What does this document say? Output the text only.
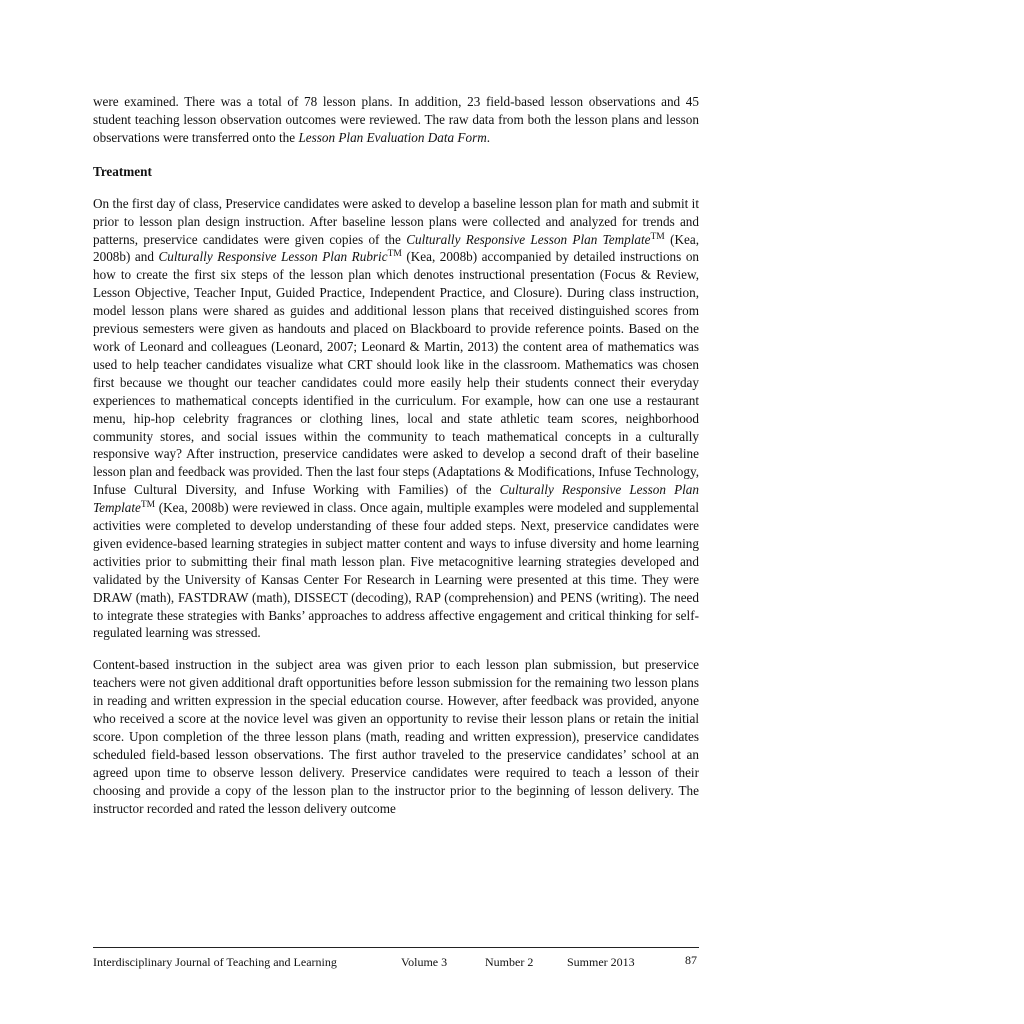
were examined. There was a total of 78 lesson plans. In addition, 23 field-based lesson observations and 45 student teaching lesson observation outcomes were reviewed. The raw data from both the lesson plans and lesson observations were transferred onto the Lesson Plan Evaluation Data Form.

Treatment

On the first day of class, Preservice candidates were asked to develop a baseline lesson plan for math and submit it prior to lesson plan design instruction. After baseline lesson plans were collected and analyzed for trends and patterns, preservice candidates were given copies of the Culturally Responsive Lesson Plan Template™ (Kea, 2008b) and Culturally Responsive Lesson Plan Rubric™ (Kea, 2008b) accompanied by detailed instructions on how to create the first six steps of the lesson plan which denotes instructional presentation (Focus & Review, Lesson Objective, Teacher Input, Guided Practice, Independent Practice, and Closure). During class instruction, model lesson plans were shared as guides and additional lesson plans that received distinguished scores from previous semesters were given as handouts and placed on Blackboard to provide reference points. Based on the work of Leonard and colleagues (Leonard, 2007; Leonard & Martin, 2013) the content area of mathematics was used to help teacher candidates visualize what CRT should look like in the classroom. Mathematics was chosen first because we thought our teacher candidates could more easily help their students connect their everyday experiences to mathematical concepts identified in the curriculum. For example, how can one use a restaurant menu, hip-hop celebrity fragrances or clothing lines, local and state athletic team scores, neighborhood community stores, and social issues within the community to teach mathematical concepts in a culturally responsive way? After instruction, preservice candidates were asked to develop a second draft of their baseline lesson plan and feedback was provided. Then the last four steps (Adaptations & Modifications, Infuse Technology, Infuse Cultural Diversity, and Infuse Working with Families) of the Culturally Responsive Lesson Plan Template™ (Kea, 2008b) were reviewed in class. Once again, multiple examples were modeled and supplemental activities were completed to develop understanding of these four added steps. Next, preservice candidates were given evidence-based learning strategies in subject matter content and ways to infuse diversity and home learning activities prior to submitting their final math lesson plan. Five metacognitive learning strategies developed and validated by the University of Kansas Center For Research in Learning were presented at this time. They were DRAW (math), FASTDRAW (math), DISSECT (decoding), RAP (comprehension) and PENS (writing). The need to integrate these strategies with Banks’ approaches to address affective engagement and critical thinking for self-regulated learning was stressed.

Content-based instruction in the subject area was given prior to each lesson plan submission, but preservice teachers were not given additional draft opportunities before lesson submission for the remaining two lesson plans in reading and written expression in the special education course. However, after feedback was provided, anyone who received a score at the novice level was given an opportunity to revise their lesson plans or retain the initial score. Upon completion of the three lesson plans (math, reading and written expression), preservice candidates scheduled field-based lesson observations. The first author traveled to the preservice candidates’ school at an agreed upon time to observe lesson delivery. Preservice candidates were required to teach a lesson of their choosing and provide a copy of the lesson plan to the instructor prior to the beginning of lesson delivery. The instructor recorded and rated the lesson delivery outcome

Interdisciplinary Journal of Teaching and Learning	Volume 3	Number 2	Summer 2013	87
